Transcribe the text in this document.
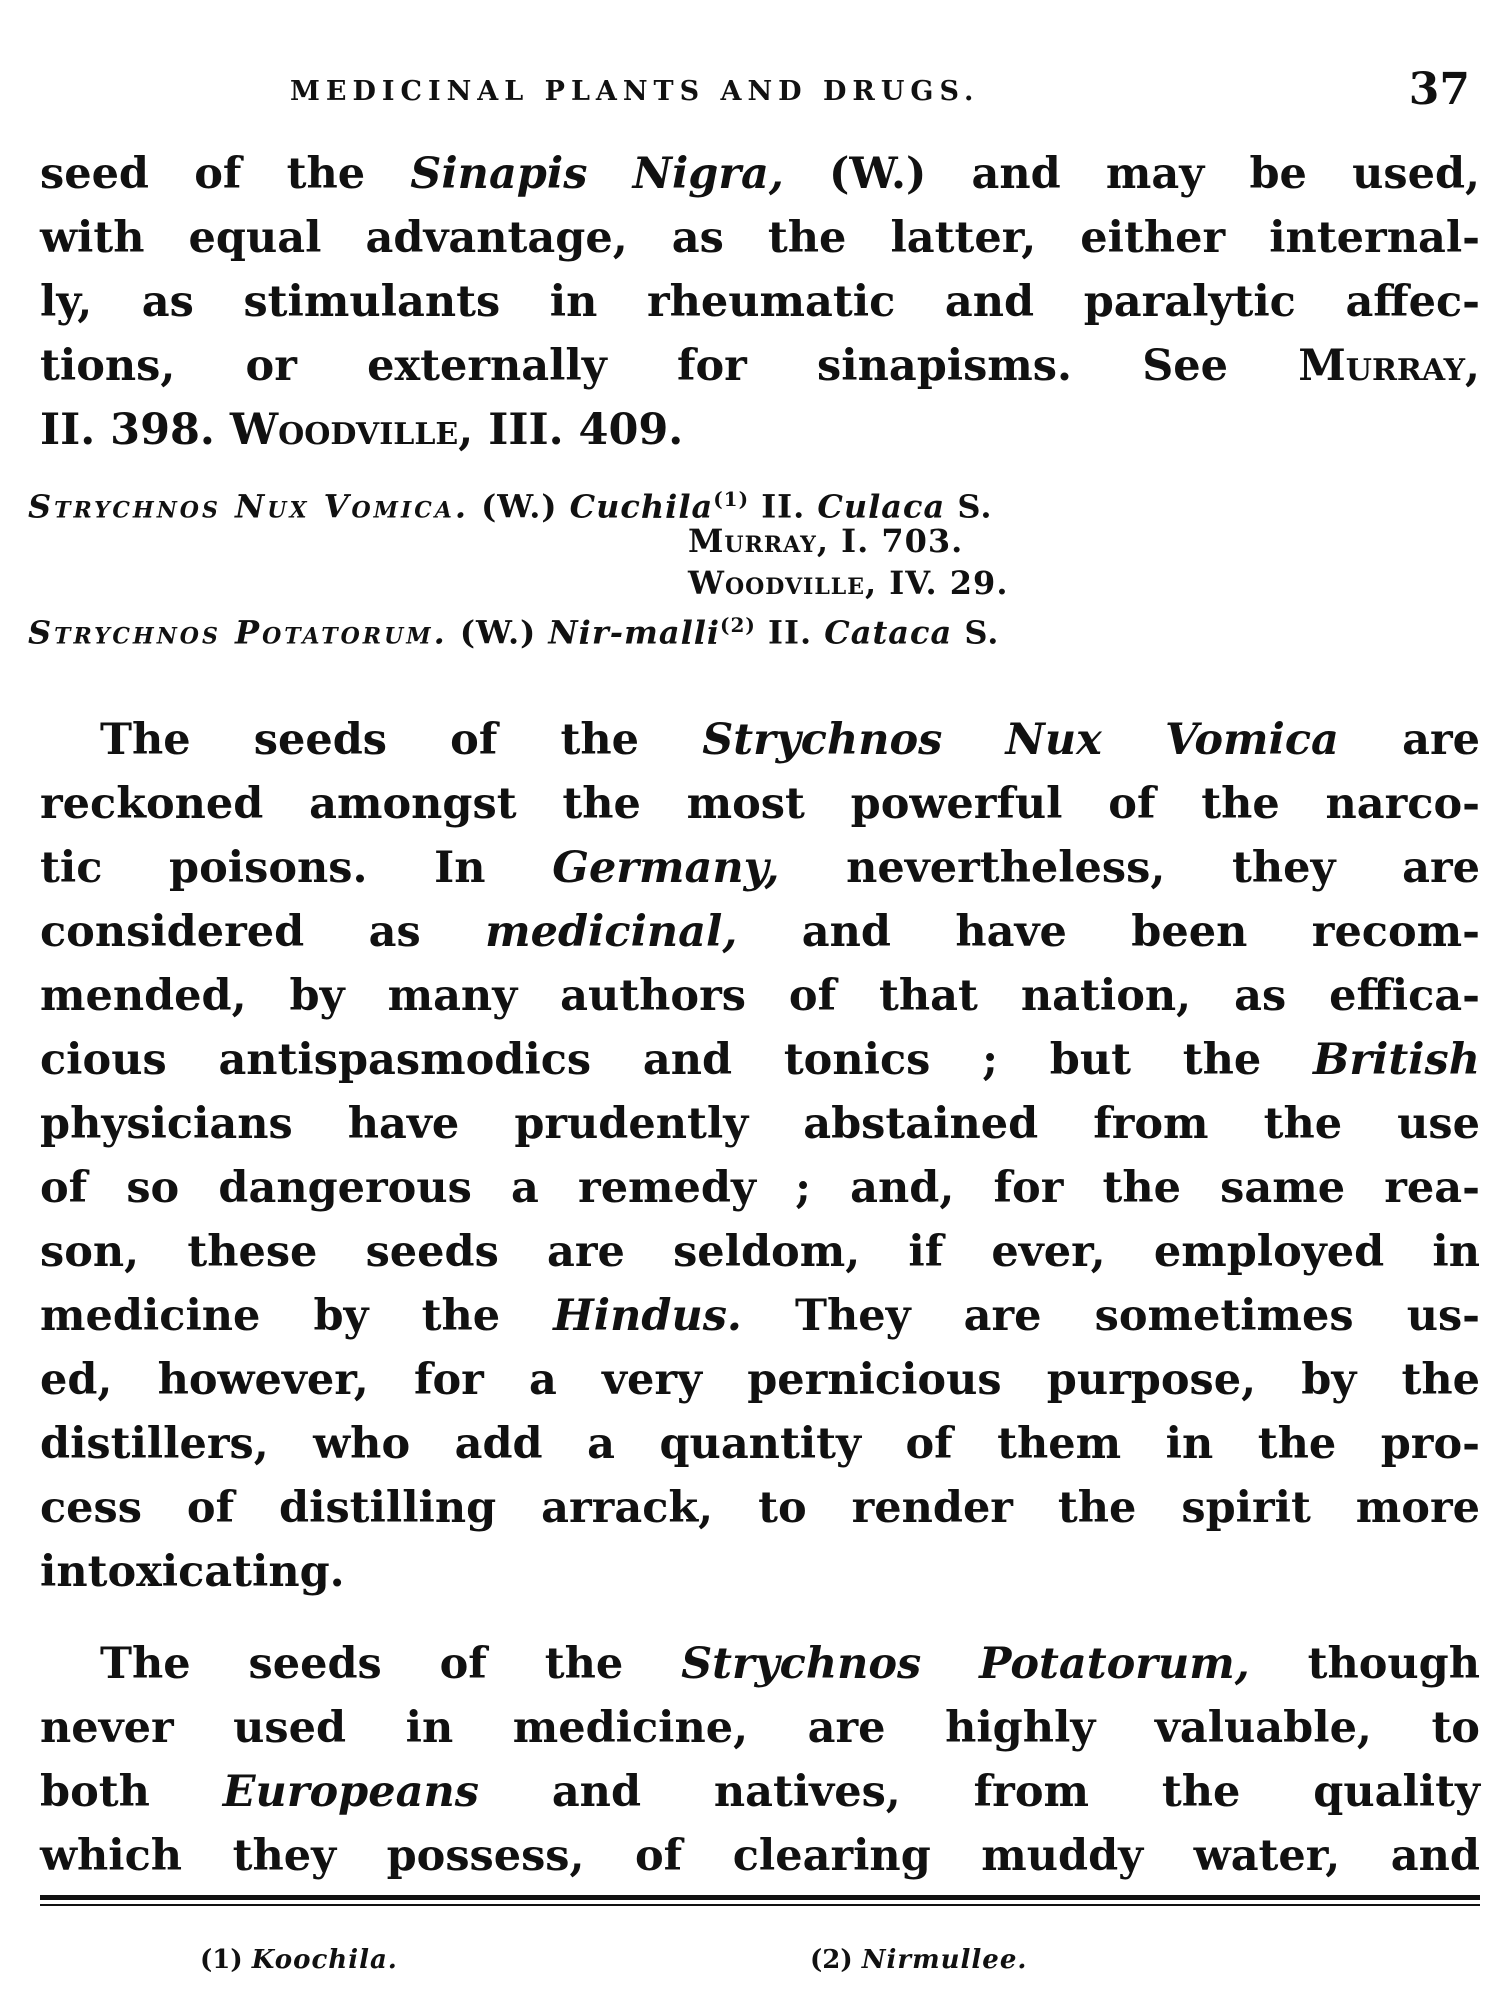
MEDICINAL PLANTS AND DRUGS.	37
seed of the Sinapis Nigra, (W.) and may be used,
with equal advantage, as the latter, either internal-
ly, as stimulants in rheumatic and paralytic affec-
tions, or externally for sinapisms. See Murray,
II. 398. Woodville, III. 409.
Strychnos Nux Vomica. (W.) Cuchila$^{(1)}$ II. Culaca S.
Murray, I. 703.
Woodville, IV. 29.
Strychnos Potatorum. (W.) Nir-malli$^{(2)}$ II. Cataca S.
The seeds of the Strychnos Nux Vomica are
reckoned amongst the most powerful of the narco-
tic poisons. In Germany, nevertheless, they are
considered as medicinal, and have been recom-
mended, by many authors of that nation, as effica-
cious antispasmodics and tonics ; but the British
physicians have prudently abstained from the use
of so dangerous a remedy ; and, for the same rea-
son, these seeds are seldom, if ever, employed in
medicine by the Hindus. They are sometimes us-
ed, however, for a very pernicious purpose, by the
distillers, who add a quantity of them in the pro-
cess of distilling arrack, to render the spirit more
intoxicating.
The seeds of the Strychnos Potatorum, though
never used in medicine, are highly valuable, to
both Europeans and natives, from the quality
which they possess, of clearing muddy water, and
(1) Koochila.	(2) Nirmullee.
